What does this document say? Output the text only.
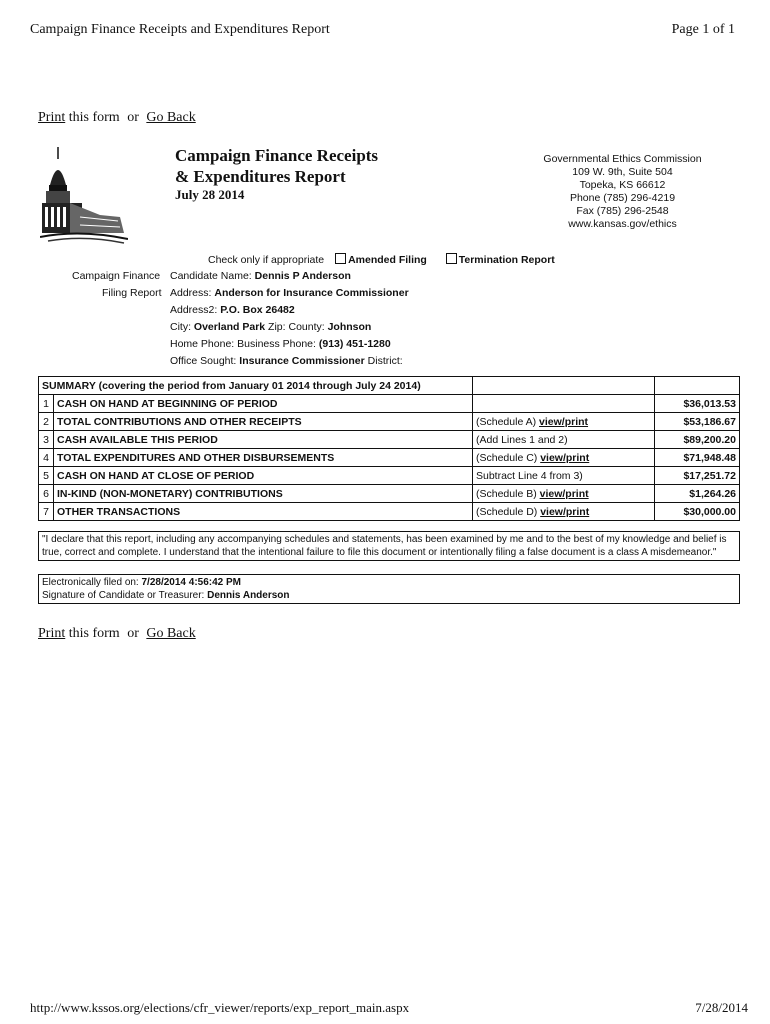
Campaign Finance Receipts and Expenditures Report	Page 1 of 1
Print this form or Go Back
Campaign Finance Receipts
& Expenditures Report
July 28 2014
Governmental Ethics Commission
109 W. 9th, Suite 504
Topeka, KS 66612
Phone (785) 296-4219
Fax (785) 296-2548
www.kansas.gov/ethics
Check only if appropriate Amended Filing	Termination Report
Campaign Finance
Filing Report
Candidate Name: Dennis P Anderson
Address: Anderson for Insurance Commissioner
Address2: P.O. Box 26482
City: Overland Park Zip: County: Johnson
Home Phone: Business Phone: (913) 451-1280
Office Sought: Insurance Commissioner District:
SUMMARY (covering the period from January 01 2014 through July 24 2014)			
1	CASH ON HAND AT BEGINNING OF PERIOD		$36,013.53
2	TOTAL CONTRIBUTIONS AND OTHER RECEIPTS	(Schedule A) view/print	$53,186.67
3	CASH AVAILABLE THIS PERIOD	(Add Lines 1 and 2)	$89,200.20
4	TOTAL EXPENDITURES AND OTHER DISBURSEMENTS	(Schedule C) view/print	$71,948.48
5	CASH ON HAND AT CLOSE OF PERIOD	Subtract Line 4 from 3)	$17,251.72
6	IN-KIND (NON-MONETARY) CONTRIBUTIONS	(Schedule B) view/print	$1,264.26
7	OTHER TRANSACTIONS	(Schedule D) view/print	$30,000.00
"I declare that this report, including any accompanying schedules and statements, has been examined by me and to the best of my knowledge and belief is true, correct and complete. I understand that the intentional failure to file this document or intentionally filing a false document is a class A misdemeanor."
Electronically filed on: 7/28/2014 4:56:42 PM
Signature of Candidate or Treasurer: Dennis Anderson
Print this form or Go Back
http://www.kssos.org/elections/cfr_viewer/reports/exp_report_main.aspx	7/28/2014
